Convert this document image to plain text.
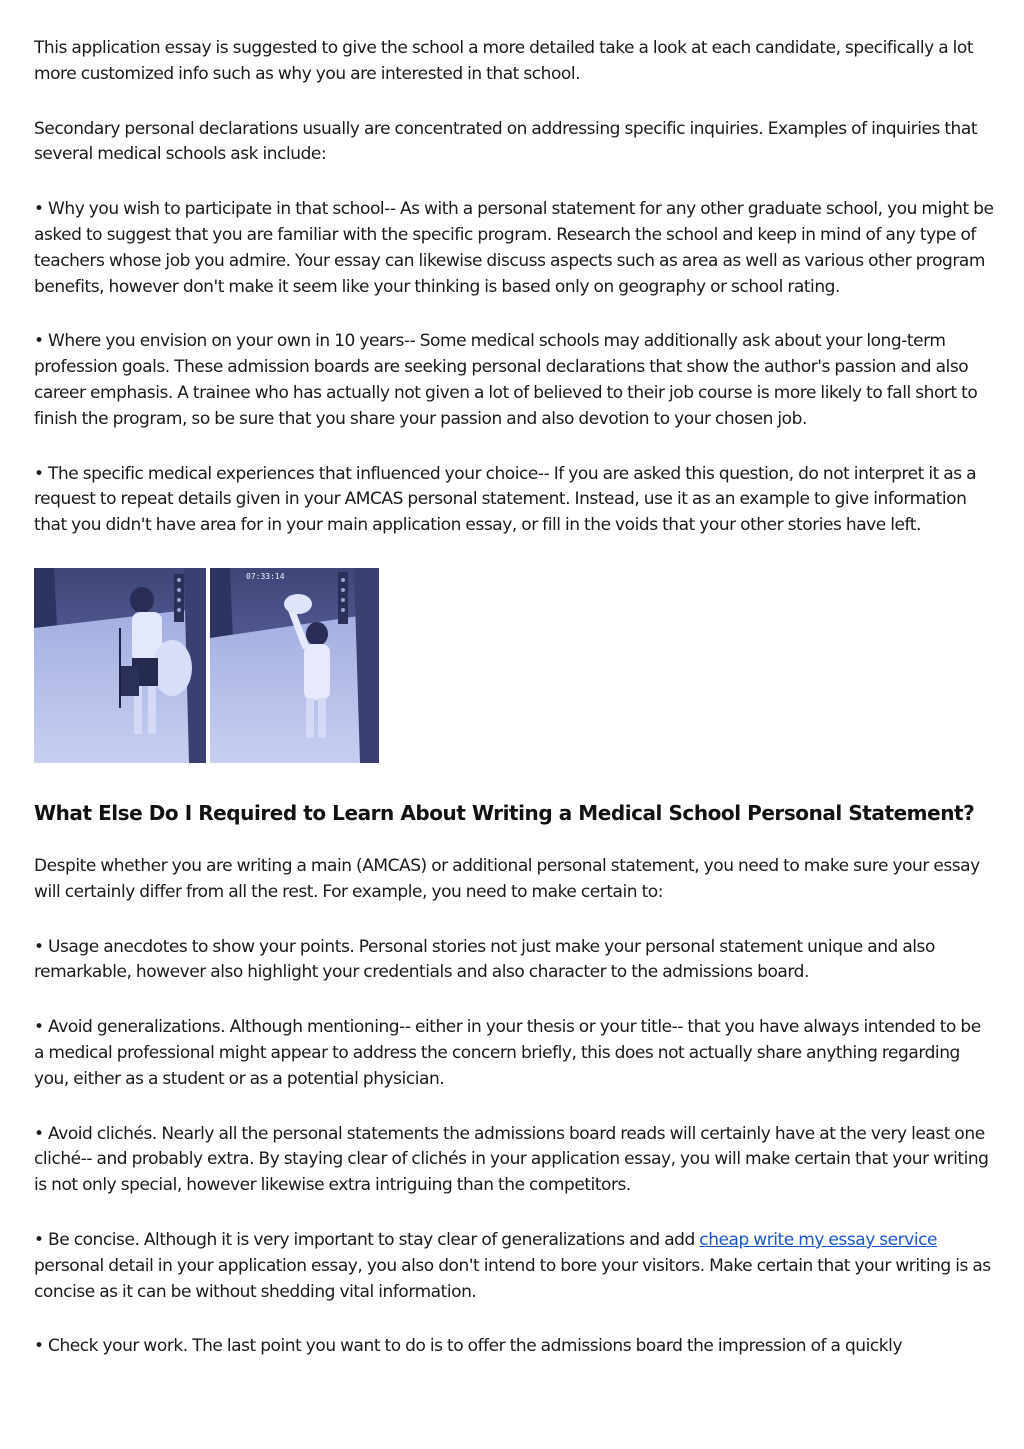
This application essay is suggested to give the school a more detailed take a look at each candidate, specifically a lot more customized info such as why you are interested in that school.

Secondary personal declarations usually are concentrated on addressing specific inquiries. Examples of inquiries that several medical schools ask include:

• Why you wish to participate in that school-- As with a personal statement for any other graduate school, you might be asked to suggest that you are familiar with the specific program. Research the school and keep in mind of any type of teachers whose job you admire. Your essay can likewise discuss aspects such as area as well as various other program benefits, however don't make it seem like your thinking is based only on geography or school rating.

• Where you envision on your own in 10 years-- Some medical schools may additionally ask about your long-term profession goals. These admission boards are seeking personal declarations that show the author's passion and also career emphasis. A trainee who has actually not given a lot of believed to their job course is more likely to fall short to finish the program, so be sure that you share your passion and also devotion to your chosen job.

• The specific medical experiences that influenced your choice-- If you are asked this question, do not interpret it as a request to repeat details given in your AMCAS personal statement. Instead, use it as an example to give information that you didn't have area for in your main application essay, or fill in the voids that your other stories have left.

07:33:14
What Else Do I Required to Learn About Writing a Medical School Personal Statement?

Despite whether you are writing a main (AMCAS) or additional personal statement, you need to make sure your essay will certainly differ from all the rest. For example, you need to make certain to:

• Usage anecdotes to show your points. Personal stories not just make your personal statement unique and also remarkable, however also highlight your credentials and also character to the admissions board.

• Avoid generalizations. Although mentioning-- either in your thesis or your title-- that you have always intended to be a medical professional might appear to address the concern briefly, this does not actually share anything regarding you, either as a student or as a potential physician.

• Avoid clichés. Nearly all the personal statements the admissions board reads will certainly have at the very least one cliché-- and probably extra. By staying clear of clichés in your application essay, you will make certain that your writing is not only special, however likewise extra intriguing than the competitors.

• Be concise. Although it is very important to stay clear of generalizations and add cheap write my essay service personal detail in your application essay, you also don't intend to bore your visitors. Make certain that your writing is as concise as it can be without shedding vital information.

• Check your work. The last point you want to do is to offer the admissions board the impression of a quickly
